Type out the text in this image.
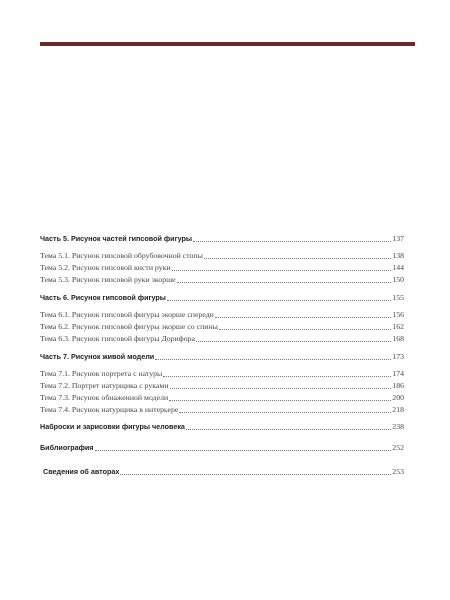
Часть 5. Рисунок частей гипсовой фигуры	137
Тема 5.1. Рисунок гипсовой обрубовочной стопы	138
Тема 5.2. Рисунок гипсовой кисти руки	144
Тема 5.3. Рисунок гипсовой руки экорше	150
Часть 6. Рисунок гипсовой фигуры	155
Тема 6.1. Рисунок гипсовой фигуры экорше спереди	156
Тема 6.2. Рисунок гипсовой фигуры экорше со спины	162
Тема 6.3. Рисунок гипсовой фигуры Дорифора	168
Часть 7. Рисунок живой модели	173
Тема 7.1. Рисунок портрета с натуры	174
Тема 7.2. Портрет натурщика с руками	186
Тема 7.3. Рисунок обнаженной модели	200
Тема 7.4. Рисунок натурщика в интерьере	218
Наброски и зарисовки фигуры человека	238
Библиография	252
Сведения об авторах	253
